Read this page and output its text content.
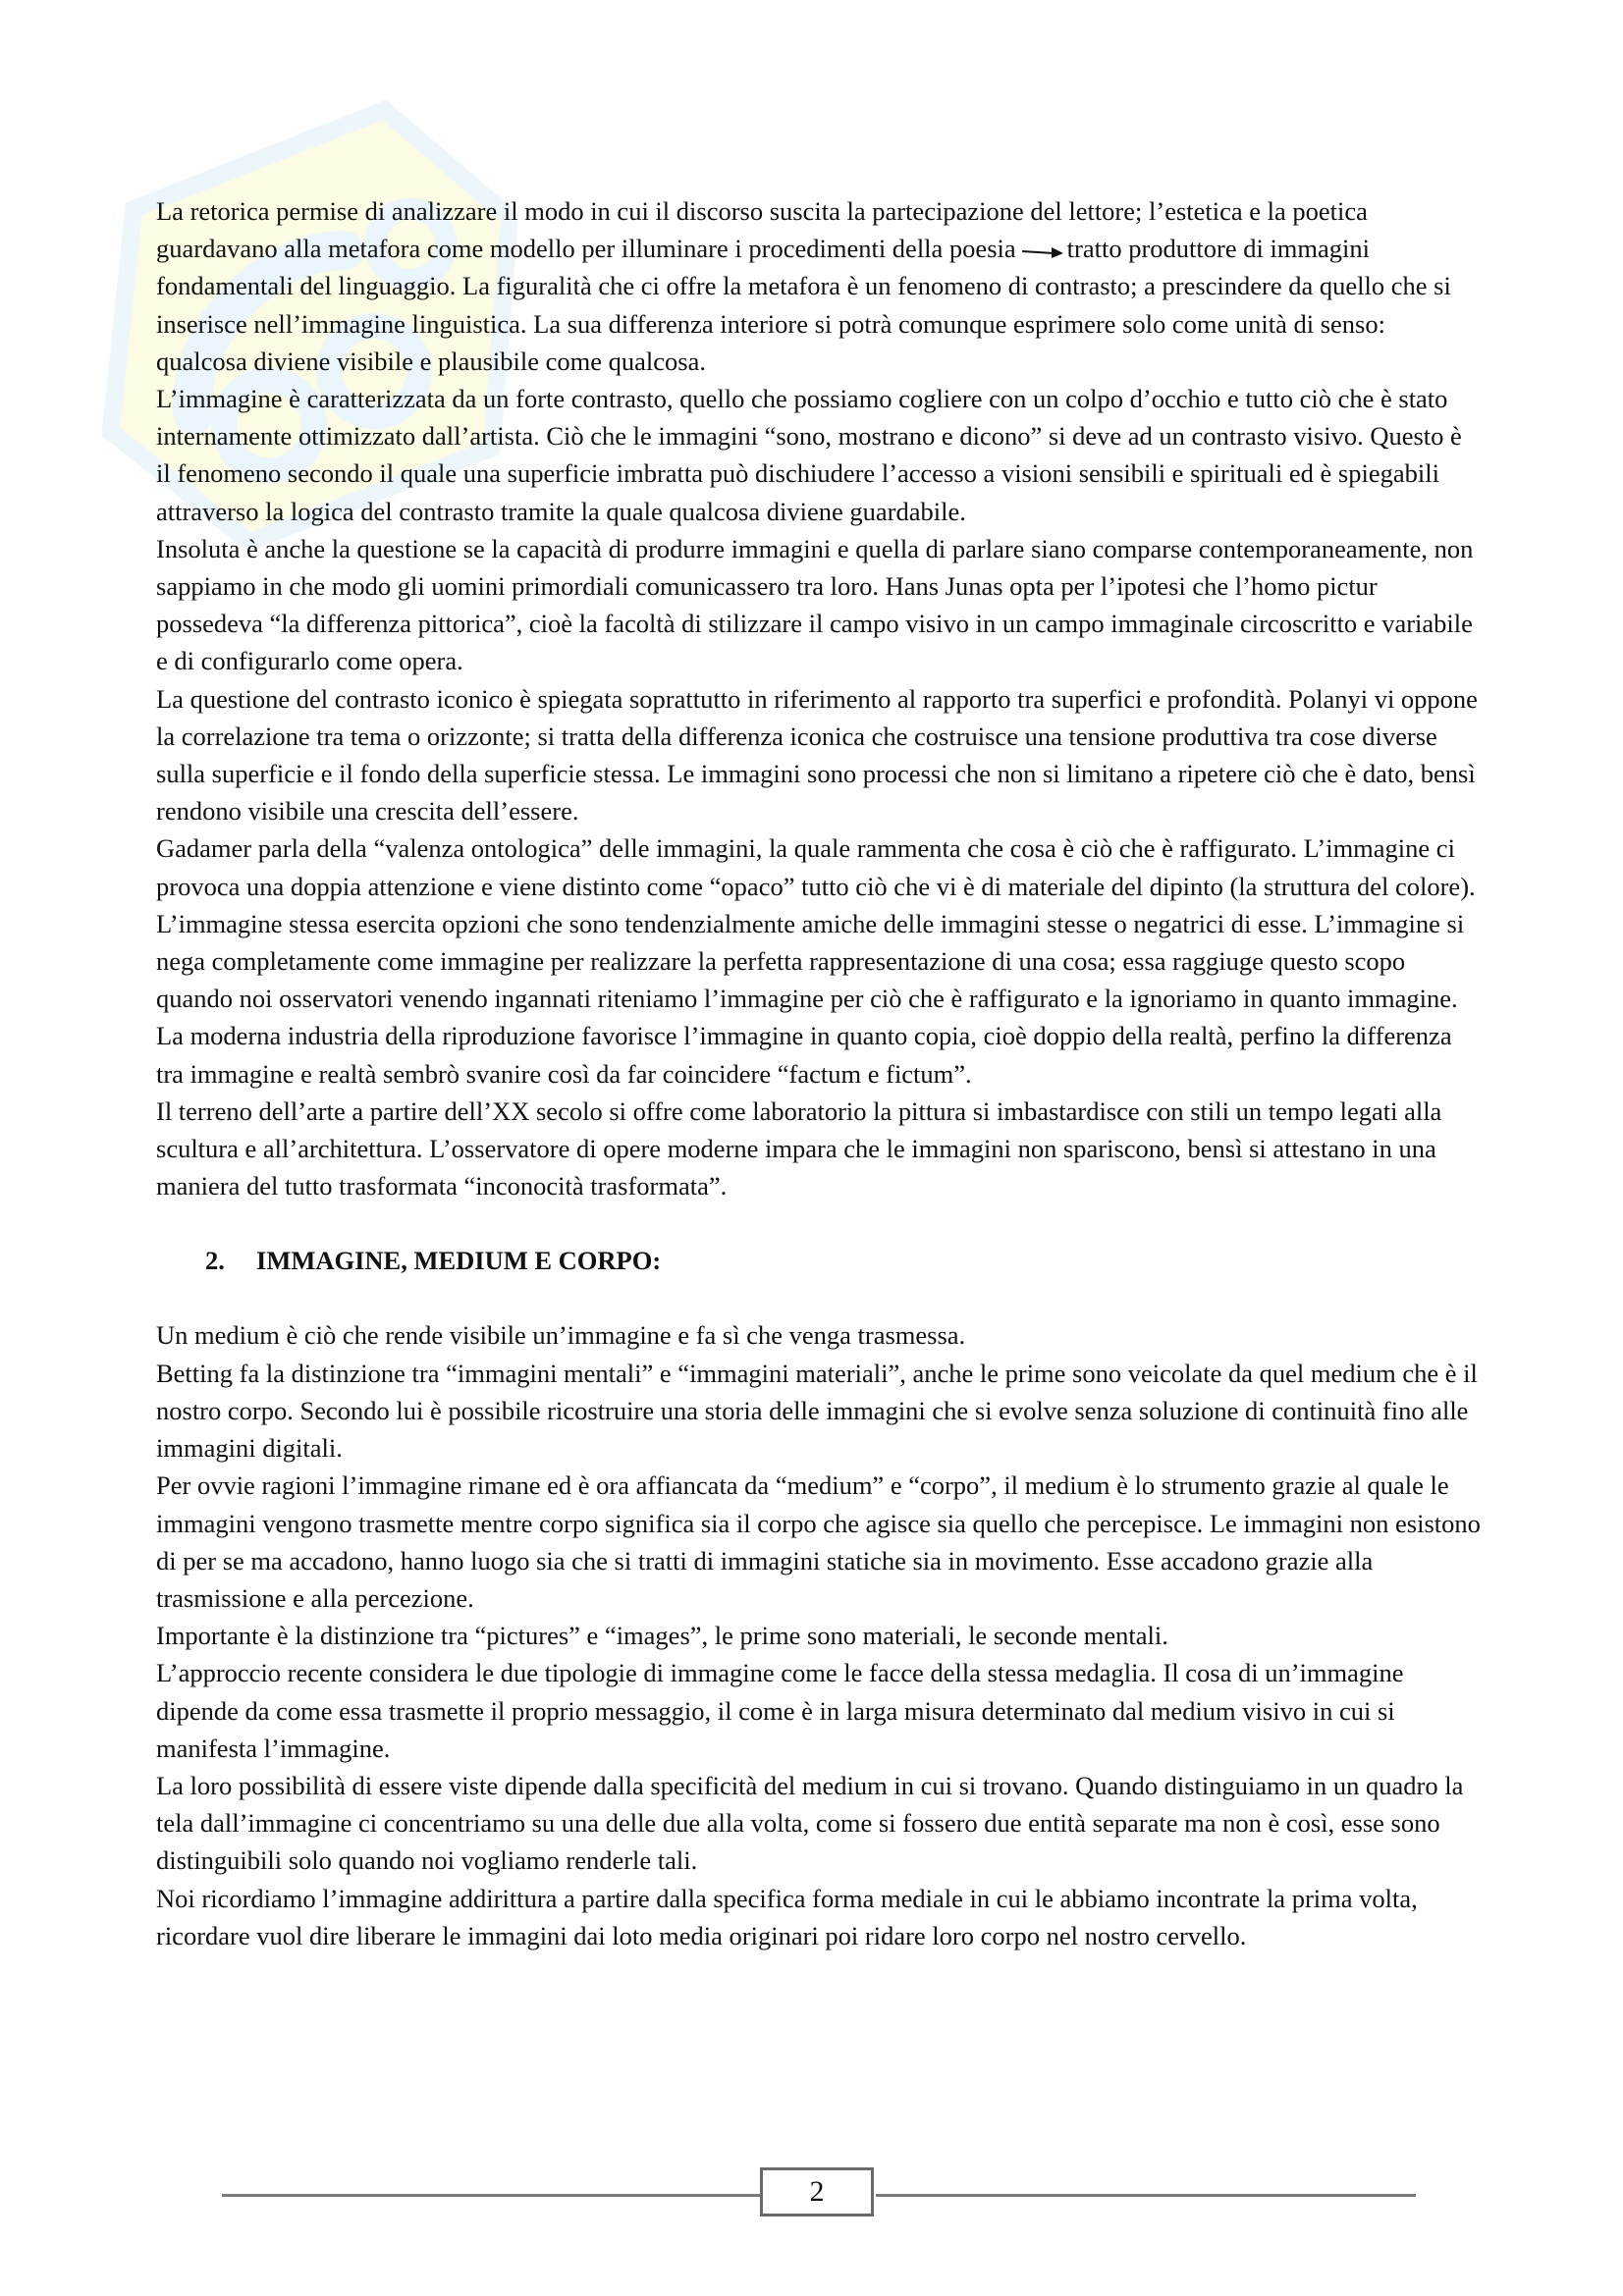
La retorica permise di analizzare il modo in cui il discorso suscita la partecipazione del lettore; l’estetica e la poetica guardavano alla metafora come modello per illuminare i procedimenti della poesia tratto produttore di immagini fondamentali del linguaggio. La figuralità che ci offre la metafora è un fenomeno di contrasto; a prescindere da quello che si inserisce nell’immagine linguistica. La sua differenza interiore si potrà comunque esprimere solo come unità di senso: qualcosa diviene visibile e plausibile come qualcosa.

L’immagine è caratterizzata da un forte contrasto, quello che possiamo cogliere con un colpo d’occhio e tutto ciò che è stato internamente ottimizzato dall’artista. Ciò che le immagini “sono, mostrano e dicono” si deve ad un contrasto visivo. Questo è il fenomeno secondo il quale una superficie imbratta può dischiudere l’accesso a visioni sensibili e spirituali ed è spiegabili attraverso la logica del contrasto tramite la quale qualcosa diviene guardabile.

Insoluta è anche la questione se la capacità di produrre immagini e quella di parlare siano comparse contemporaneamente, non sappiamo in che modo gli uomini primordiali comunicassero tra loro. Hans Junas opta per l’ipotesi che l’homo pictur possedeva “la differenza pittorica”, cioè la facoltà di stilizzare il campo visivo in un campo immaginale circoscritto e variabile e di configurarlo come opera.

La questione del contrasto iconico è spiegata soprattutto in riferimento al rapporto tra superfici e profondità. Polanyi vi oppone la correlazione tra tema o orizzonte; si tratta della differenza iconica che costruisce una tensione produttiva tra cose diverse sulla superficie e il fondo della superficie stessa. Le immagini sono processi che non si limitano a ripetere ciò che è dato, bensì rendono visibile una crescita dell’essere.

Gadamer parla della “valenza ontologica” delle immagini, la quale rammenta che cosa è ciò che è raffigurato. L’immagine ci provoca una doppia attenzione e viene distinto come “opaco” tutto ciò che vi è di materiale del dipinto (la struttura del colore).

L’immagine stessa esercita opzioni che sono tendenzialmente amiche delle immagini stesse o negatrici di esse. L’immagine si nega completamente come immagine per realizzare la perfetta rappresentazione di una cosa; essa raggiuge questo scopo quando noi osservatori venendo ingannati riteniamo l’immagine per ciò che è raffigurato e la ignoriamo in quanto immagine.

La moderna industria della riproduzione favorisce l’immagine in quanto copia, cioè doppio della realtà, perfino la differenza tra immagine e realtà sembrò svanire così da far coincidere “factum e fictum”.

Il terreno dell’arte a partire dell’XX secolo si offre come laboratorio la pittura si imbastardisce con stili un tempo legati alla scultura e all’architettura. L’osservatore di opere moderne impara che le immagini non spariscono, bensì si attestano in una maniera del tutto trasformata “inconocità trasformata”.

2. IMMAGINE, MEDIUM E CORPO:

Un medium è ciò che rende visibile un’immagine e fa sì che venga trasmessa.

Betting fa la distinzione tra “immagini mentali” e “immagini materiali”, anche le prime sono veicolate da quel medium che è il nostro corpo. Secondo lui è possibile ricostruire una storia delle immagini che si evolve senza soluzione di continuità fino alle immagini digitali.

Per ovvie ragioni l’immagine rimane ed è ora affiancata da “medium” e “corpo”, il medium è lo strumento grazie al quale le immagini vengono trasmette mentre corpo significa sia il corpo che agisce sia quello che percepisce. Le immagini non esistono di per se ma accadono, hanno luogo sia che si tratti di immagini statiche sia in movimento. Esse accadono grazie alla trasmissione e alla percezione.

Importante è la distinzione tra “pictures” e “images”, le prime sono materiali, le seconde mentali.

L’approccio recente considera le due tipologie di immagine come le facce della stessa medaglia. Il cosa di un’immagine dipende da come essa trasmette il proprio messaggio, il come è in larga misura determinato dal medium visivo in cui si manifesta l’immagine.

La loro possibilità di essere viste dipende dalla specificità del medium in cui si trovano. Quando distinguiamo in un quadro la tela dall’immagine ci concentriamo su una delle due alla volta, come si fossero due entità separate ma non è così, esse sono distinguibili solo quando noi vogliamo renderle tali.

Noi ricordiamo l’immagine addirittura a partire dalla specifica forma mediale in cui le abbiamo incontrate la prima volta, ricordare vuol dire liberare le immagini dai loto media originari poi ridare loro corpo nel nostro cervello.

2
